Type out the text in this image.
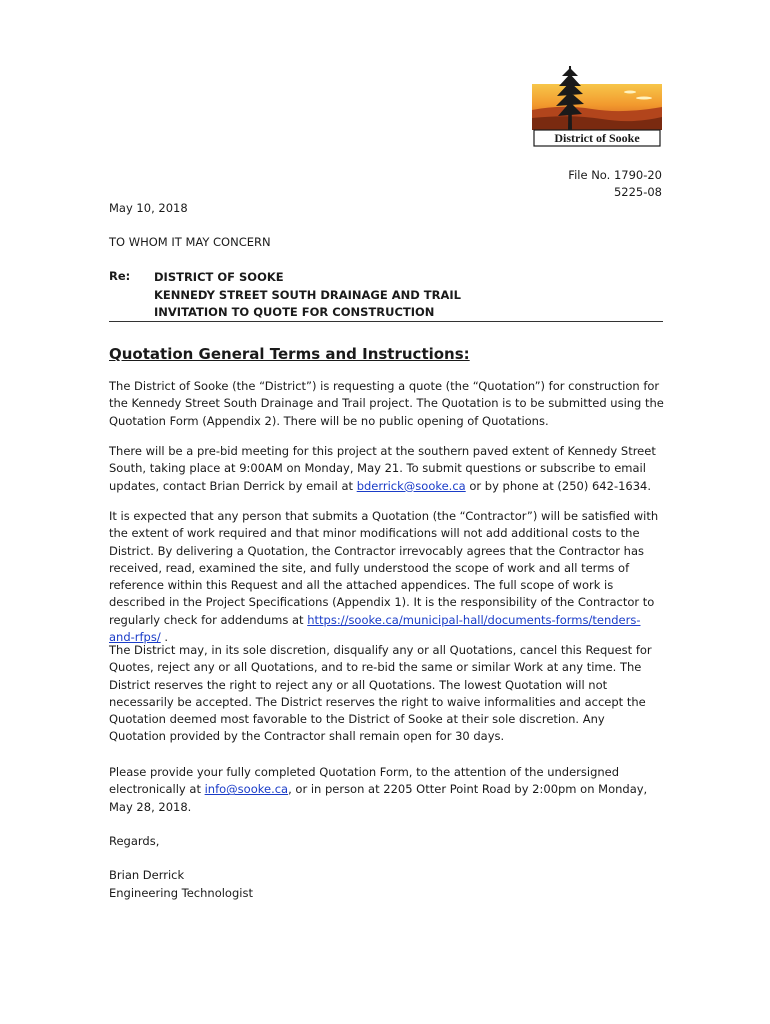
District of Sooke
File No. 1790-20
5225-08
May 10, 2018
TO WHOM IT MAY CONCERN
Re: DISTRICT OF SOOKE
KENNEDY STREET SOUTH DRAINAGE AND TRAIL
INVITATION TO QUOTE FOR CONSTRUCTION
Quotation General Terms and Instructions:

The District of Sooke (the “District”) is requesting a quote (the “Quotation”) for construction for the Kennedy Street South Drainage and Trail project. The Quotation is to be submitted using the Quotation Form (Appendix 2). There will be no public opening of Quotations.

There will be a pre-bid meeting for this project at the southern paved extent of Kennedy Street South, taking place at 9:00AM on Monday, May 21. To submit questions or subscribe to email updates, contact Brian Derrick by email at bderrick@sooke.ca or by phone at (250) 642-1634.

It is expected that any person that submits a Quotation (the “Contractor”) will be satisfied with the extent of work required and that minor modifications will not add additional costs to the District. By delivering a Quotation, the Contractor irrevocably agrees that the Contractor has received, read, examined the site, and fully understood the scope of work and all terms of reference within this Request and all the attached appendices. The full scope of work is described in the Project Specifications (Appendix 1). It is the responsibility of the Contractor to regularly check for addendums at https://sooke.ca/municipal-hall/documents-forms/tenders-and-rfps/ .

The District may, in its sole discretion, disqualify any or all Quotations, cancel this Request for Quotes, reject any or all Quotations, and to re-bid the same or similar Work at any time. The District reserves the right to reject any or all Quotations. The lowest Quotation will not necessarily be accepted. The District reserves the right to waive informalities and accept the Quotation deemed most favorable to the District of Sooke at their sole discretion. Any Quotation provided by the Contractor shall remain open for 30 days.

Please provide your fully completed Quotation Form, to the attention of the undersigned electronically at info@sooke.ca, or in person at 2205 Otter Point Road by 2:00pm on Monday, May 28, 2018.

Regards,
Brian Derrick
Engineering Technologist
